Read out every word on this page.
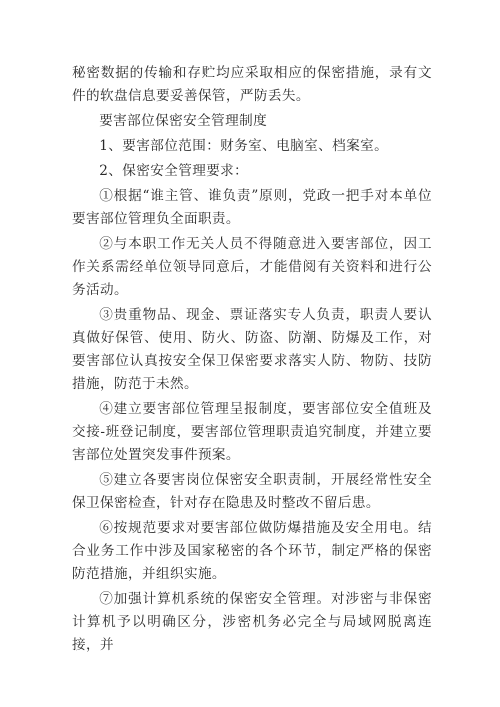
秘密数据的传输和存贮均应采取相应的保密措施，录有文件的软盘信息要妥善保管，严防丢失。

要害部位保密安全管理制度

1、要害部位范围：财务室、电脑室、档案室。

2、保密安全管理要求：

①根据“谁主管、谁负责”原则，党政一把手对本单位要害部位管理负全面职责。

②与本职工作无关人员不得随意进入要害部位，因工作关系需经单位领导同意后，才能借阅有关资料和进行公务活动。

③贵重物品、现金、票证落实专人负责，职责人要认真做好保管、使用、防火、防盗、防潮、防爆及工作，对要害部位认真按安全保卫保密要求落实人防、物防、技防措施，防范于未然。

④建立要害部位管理呈报制度，要害部位安全值班及交接-班登记制度，要害部位管理职责追究制度，并建立要害部位处置突发事件预案。

⑤建立各要害岗位保密安全职责制，开展经常性安全保卫保密检查，针对存在隐患及时整改不留后患。

⑥按规范要求对要害部位做防爆措施及安全用电。结合业务工作中涉及国家秘密的各个环节，制定严格的保密防范措施，并组织实施。

⑦加强计算机系统的保密安全管理。对涉密与非保密计算机予以明确区分，涉密机务必完全与局域网脱离连接，并
